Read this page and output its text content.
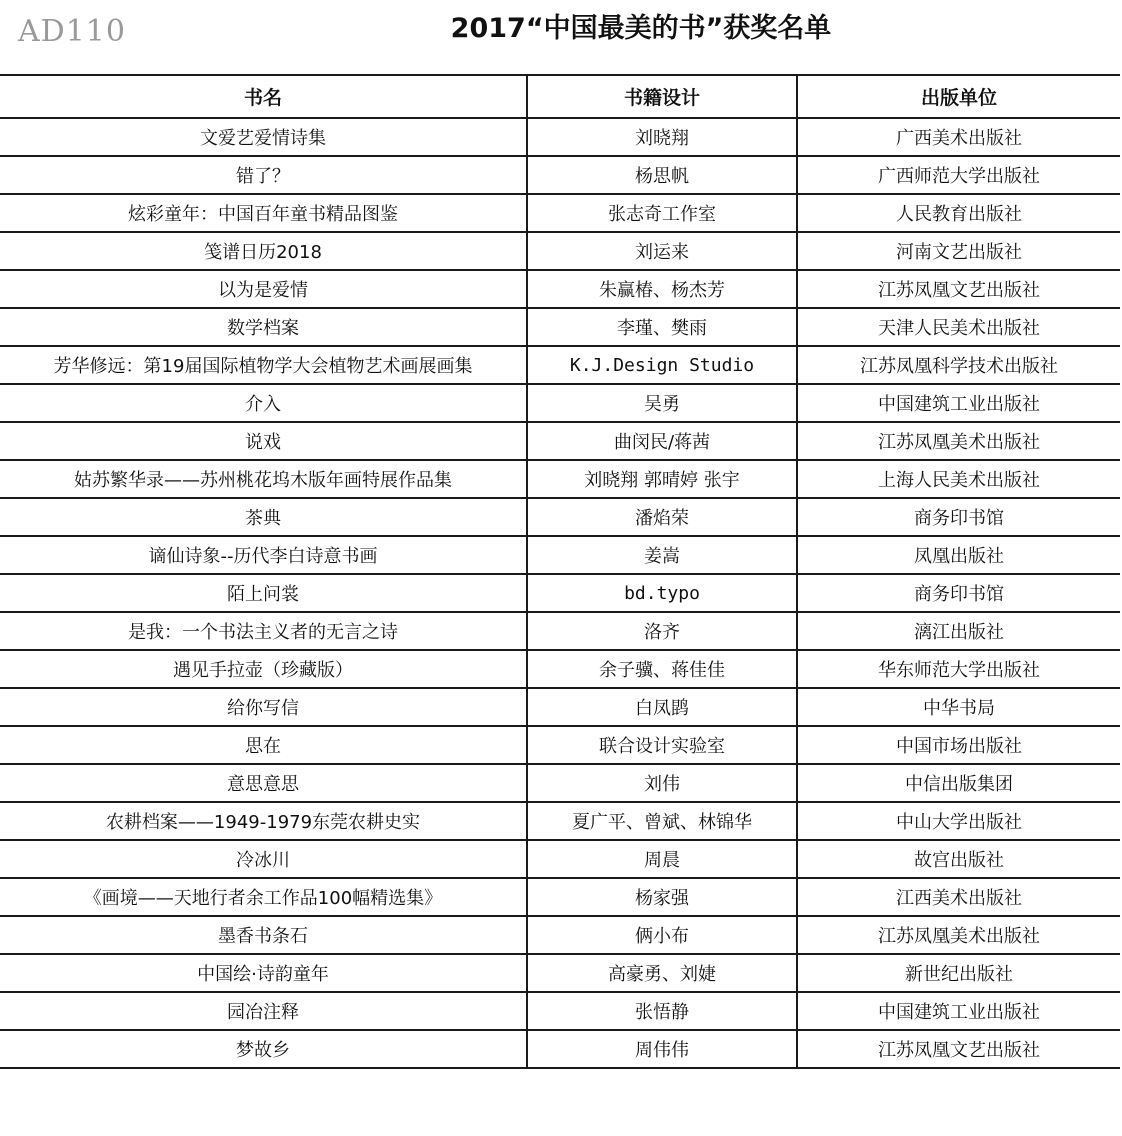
AD110	2017“中国最美的书”获奖名单
书名	书籍设计	出版单位
文爱艺爱情诗集	刘晓翔	广西美术出版社
错了？	杨思帆	广西师范大学出版社
炫彩童年：中国百年童书精品图鉴	张志奇工作室	人民教育出版社
笺谱日历2018	刘运来	河南文艺出版社
以为是爱情	朱赢椿、杨杰芳	江苏凤凰文艺出版社
数学档案	李瑾、樊雨	天津人民美术出版社
芳华修远：第19届国际植物学大会植物艺术画展画集	K.J.Design Studio	江苏凤凰科学技术出版社
介入	吴勇	中国建筑工业出版社
说戏	曲闵民/蒋茜	江苏凤凰美术出版社
姑苏繁华录——苏州桃花坞木版年画特展作品集	刘晓翔 郭晴婷 张宇	上海人民美术出版社
茶典	潘焰荣	商务印书馆
谪仙诗象--历代李白诗意书画	姜嵩	凤凰出版社
陌上问裳	bd.typo	商务印书馆
是我：一个书法主义者的无言之诗	洛齐	漓江出版社
遇见手拉壶（珍藏版）	余子骥、蒋佳佳	华东师范大学出版社
给你写信	白凤鹍	中华书局
思在	联合设计实验室	中国市场出版社
意思意思	刘伟	中信出版集团
农耕档案——1949-1979东莞农耕史实	夏广平、曾斌、林锦华	中山大学出版社
冷冰川	周晨	故宫出版社
《画境——天地行者余工作品100幅精选集》	杨家强	江西美术出版社
墨香书条石	俩小布	江苏凤凰美术出版社
中国绘·诗韵童年	高豪勇、刘婕	新世纪出版社
园冶注释	张悟静	中国建筑工业出版社
梦故乡	周伟伟	江苏凤凰文艺出版社
